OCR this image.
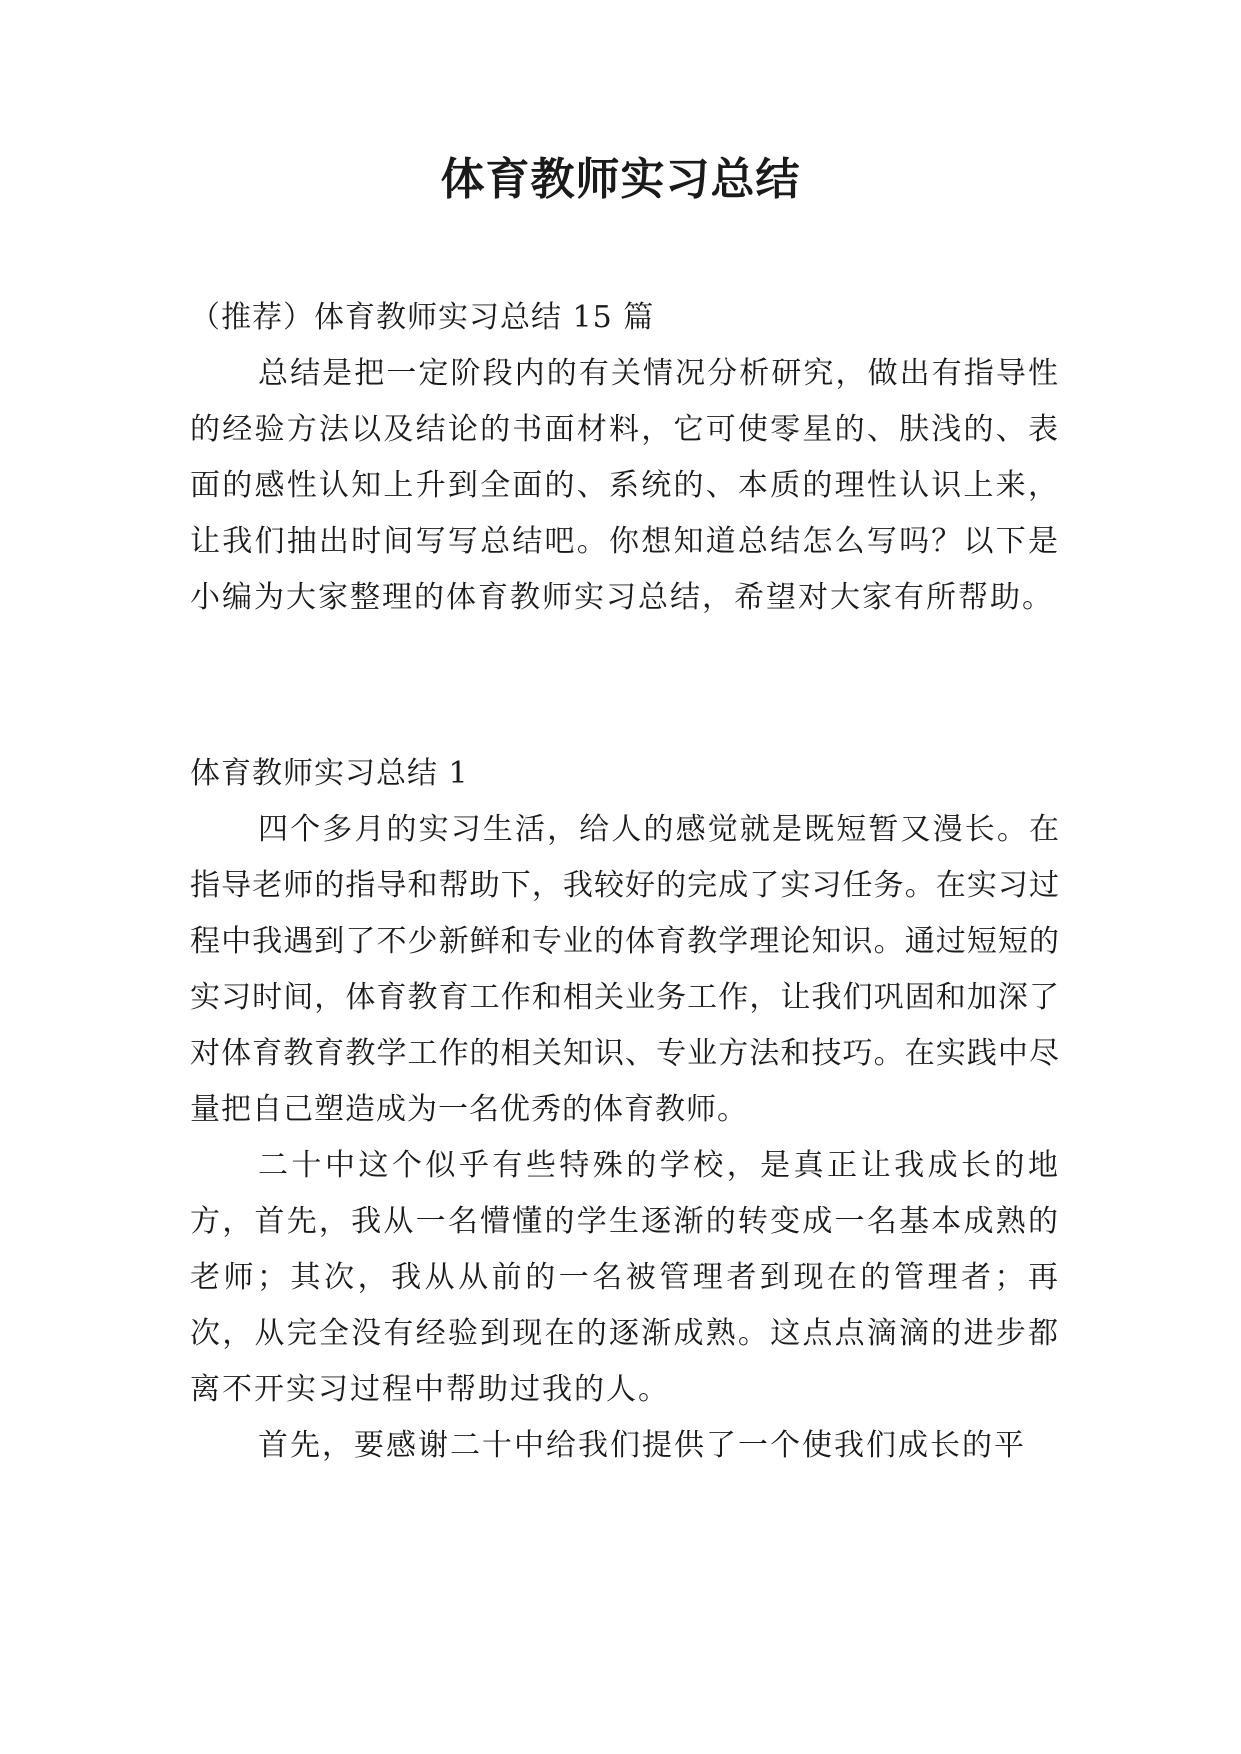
体育教师实习总结

（推荐）体育教师实习总结 15 篇

总结是把一定阶段内的有关情况分析研究，做出有指导性的经验方法以及结论的书面材料，它可使零星的、肤浅的、表面的感性认知上升到全面的、系统的、本质的理性认识上来，让我们抽出时间写写总结吧。你想知道总结怎么写吗？以下是小编为大家整理的体育教师实习总结，希望对大家有所帮助。

体育教师实习总结 1

四个多月的实习生活，给人的感觉就是既短暂又漫长。在指导老师的指导和帮助下，我较好的完成了实习任务。在实习过程中我遇到了不少新鲜和专业的体育教学理论知识。通过短短的实习时间，体育教育工作和相关业务工作，让我们巩固和加深了对体育教育教学工作的相关知识、专业方法和技巧。在实践中尽量把自己塑造成为一名优秀的体育教师。

二十中这个似乎有些特殊的学校，是真正让我成长的地方，首先，我从一名懵懂的学生逐渐的转变成一名基本成熟的老师；其次，我从从前的一名被管理者到现在的管理者；再次，从完全没有经验到现在的逐渐成熟。这点点滴滴的进步都离不开实习过程中帮助过我的人。

首先，要感谢二十中给我们提供了一个使我们成长的平
